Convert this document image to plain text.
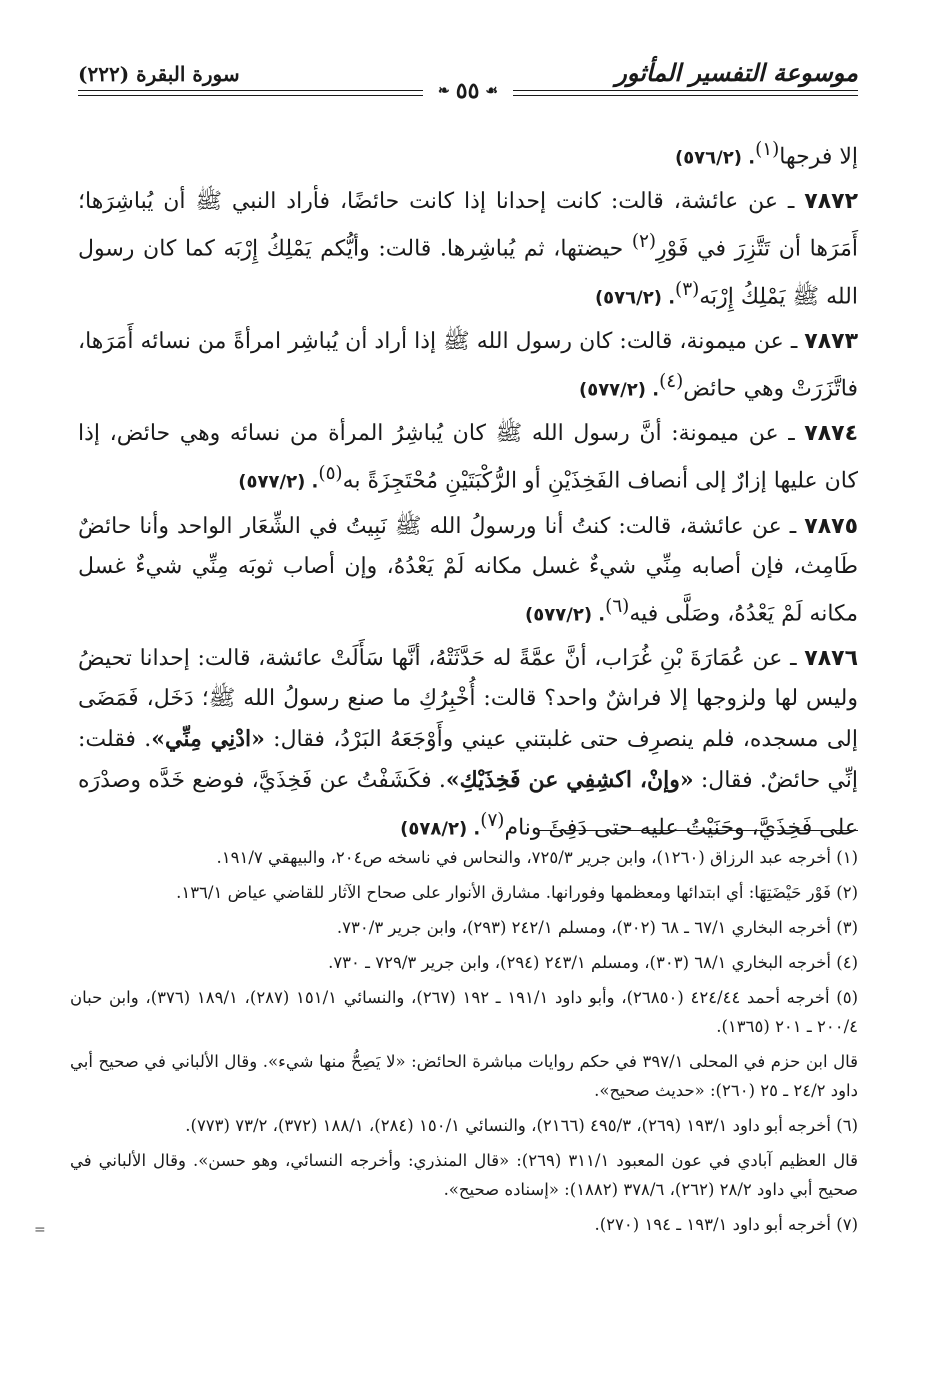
موسوعة التفسير المأثور
سورة البقرة (٢٢٢)
❧ ٥٥ ☙

إلا فرجها$^{(١)}$. (٥٧٦/٢)

٧٨٧٢ ـ عن عائشة، قالت: كانت إحدانا إذا كانت حائضًا، فأراد النبي ﷺ أن يُباشِرَها؛ أَمَرَها أن تَتَّزِرَ في فَوْرِ$^{(٢)}$ حيضتها، ثم يُباشِرها. قالت: وأيُّكم يَمْلِكُ إِرْبَه كما كان رسول الله ﷺ يَمْلِكُ إِرْبَه$^{(٣)}$. (٥٧٦/٢)

٧٨٧٣ ـ عن ميمونة، قالت: كان رسول الله ﷺ إذا أراد أن يُباشِر امرأةً من نسائه أَمَرَها، فاتَّزَرَتْ وهي حائض$^{(٤)}$. (٥٧٧/٢)

٧٨٧٤ ـ عن ميمونة: أنَّ رسول الله ﷺ كان يُباشِرُ المرأة من نسائه وهي حائض، إذا كان عليها إزارٌ إلى أنصاف الفَخِذَيْنِ أو الرُّكْبَتَيْنِ مُحْتَجِزَةً به$^{(٥)}$. (٥٧٧/٢)

٧٨٧٥ ـ عن عائشة، قالت: كنتُ أنا ورسولُ الله ﷺ نَبِيتُ في الشِّعَار الواحد وأنا حائضٌ طَامِث، فإن أصابه مِنِّي شيءٌ غسل مكانه لَمْ يَعْدُهُ، وإن أصاب ثوبَه مِنِّي شيءٌ غسل مكانه لَمْ يَعْدُهُ، وصَلَّى فيه$^{(٦)}$. (٥٧٧/٢)

٧٨٧٦ ـ عن عُمَارَةَ بْنِ غُرَاب، أنَّ عمَّةً له حَدَّثَتْهُ، أنَّها سَأَلَتْ عائشة، قالت: إحدانا تحيضُ وليس لها ولزوجها إلا فراشٌ واحد؟ قالت: أُخْبِرُكِ ما صنع رسولُ الله ﷺ؛ دَخَل، فَمَضَى إلى مسجده، فلم ينصرِف حتى غلبتني عيني وأَوْجَعَهُ البَرْدُ، فقال: «ادْنِي مِنِّي». فقلت: إنِّي حائضٌ. فقال: «وإنْ، اكشِفِي عن فَخِذَيْكِ». فكَشَفْتُ عن فَخِذَيَّ، فوضع خَدَّه وصدْرَه على فَخِذَيَّ، وحَنَيْتُ عليه حتى دَفِئَ ونام$^{(٧)}$. (٥٧٨/٢)

(١) أخرجه عبد الرزاق (١٢٦٠)، وابن جرير ٧٢٥/٣، والنحاس في ناسخه ص٢٠٤، والبيهقي ١٩١/٧.

(٢) فَوْر حَيْضَتِهَا: أي ابتدائها ومعظمها وفورانها. مشارق الأنوار على صحاح الآثار للقاضي عياض ١٣٦/١.

(٣) أخرجه البخاري ٦٧/١ ـ ٦٨ (٣٠٢)، ومسلم ٢٤٢/١ (٢٩٣)، وابن جرير ٧٣٠/٣.

(٤) أخرجه البخاري ٦٨/١ (٣٠٣)، ومسلم ٢٤٣/١ (٢٩٤)، وابن جرير ٧٢٩/٣ ـ ٧٣٠.

(٥) أخرجه أحمد ٤٢٤/٤٤ (٢٦٨٥٠)، وأبو داود ١٩١/١ ـ ١٩٢ (٢٦٧)، والنسائي ١٥١/١ (٢٨٧)، ١٨٩/١ (٣٧٦)، وابن حبان ٢٠٠/٤ ـ ٢٠١ (١٣٦٥).

قال ابن حزم في المحلى ٣٩٧/١ في حكم روايات مباشرة الحائض: «لا يَصِحُّ منها شيء». وقال الألباني في صحيح أبي داود ٢٤/٢ ـ ٢٥ (٢٦٠): «حديث صحيح».

(٦) أخرجه أبو داود ١٩٣/١ (٢٦٩)، ٤٩٥/٣ (٢١٦٦)، والنسائي ١٥٠/١ (٢٨٤)، ١٨٨/١ (٣٧٢)، ٧٣/٢ (٧٧٣).

قال العظيم آبادي في عون المعبود ٣١١/١ (٢٦٩): «قال المنذري: وأخرجه النسائي، وهو حسن». وقال الألباني في صحيح أبي داود ٢٨/٢ (٢٦٢)، ٣٧٨/٦ (١٨٨٢): «إسناده صحيح».

(٧) أخرجه أبو داود ١٩٣/١ ـ ١٩٤ (٢٧٠).

=
